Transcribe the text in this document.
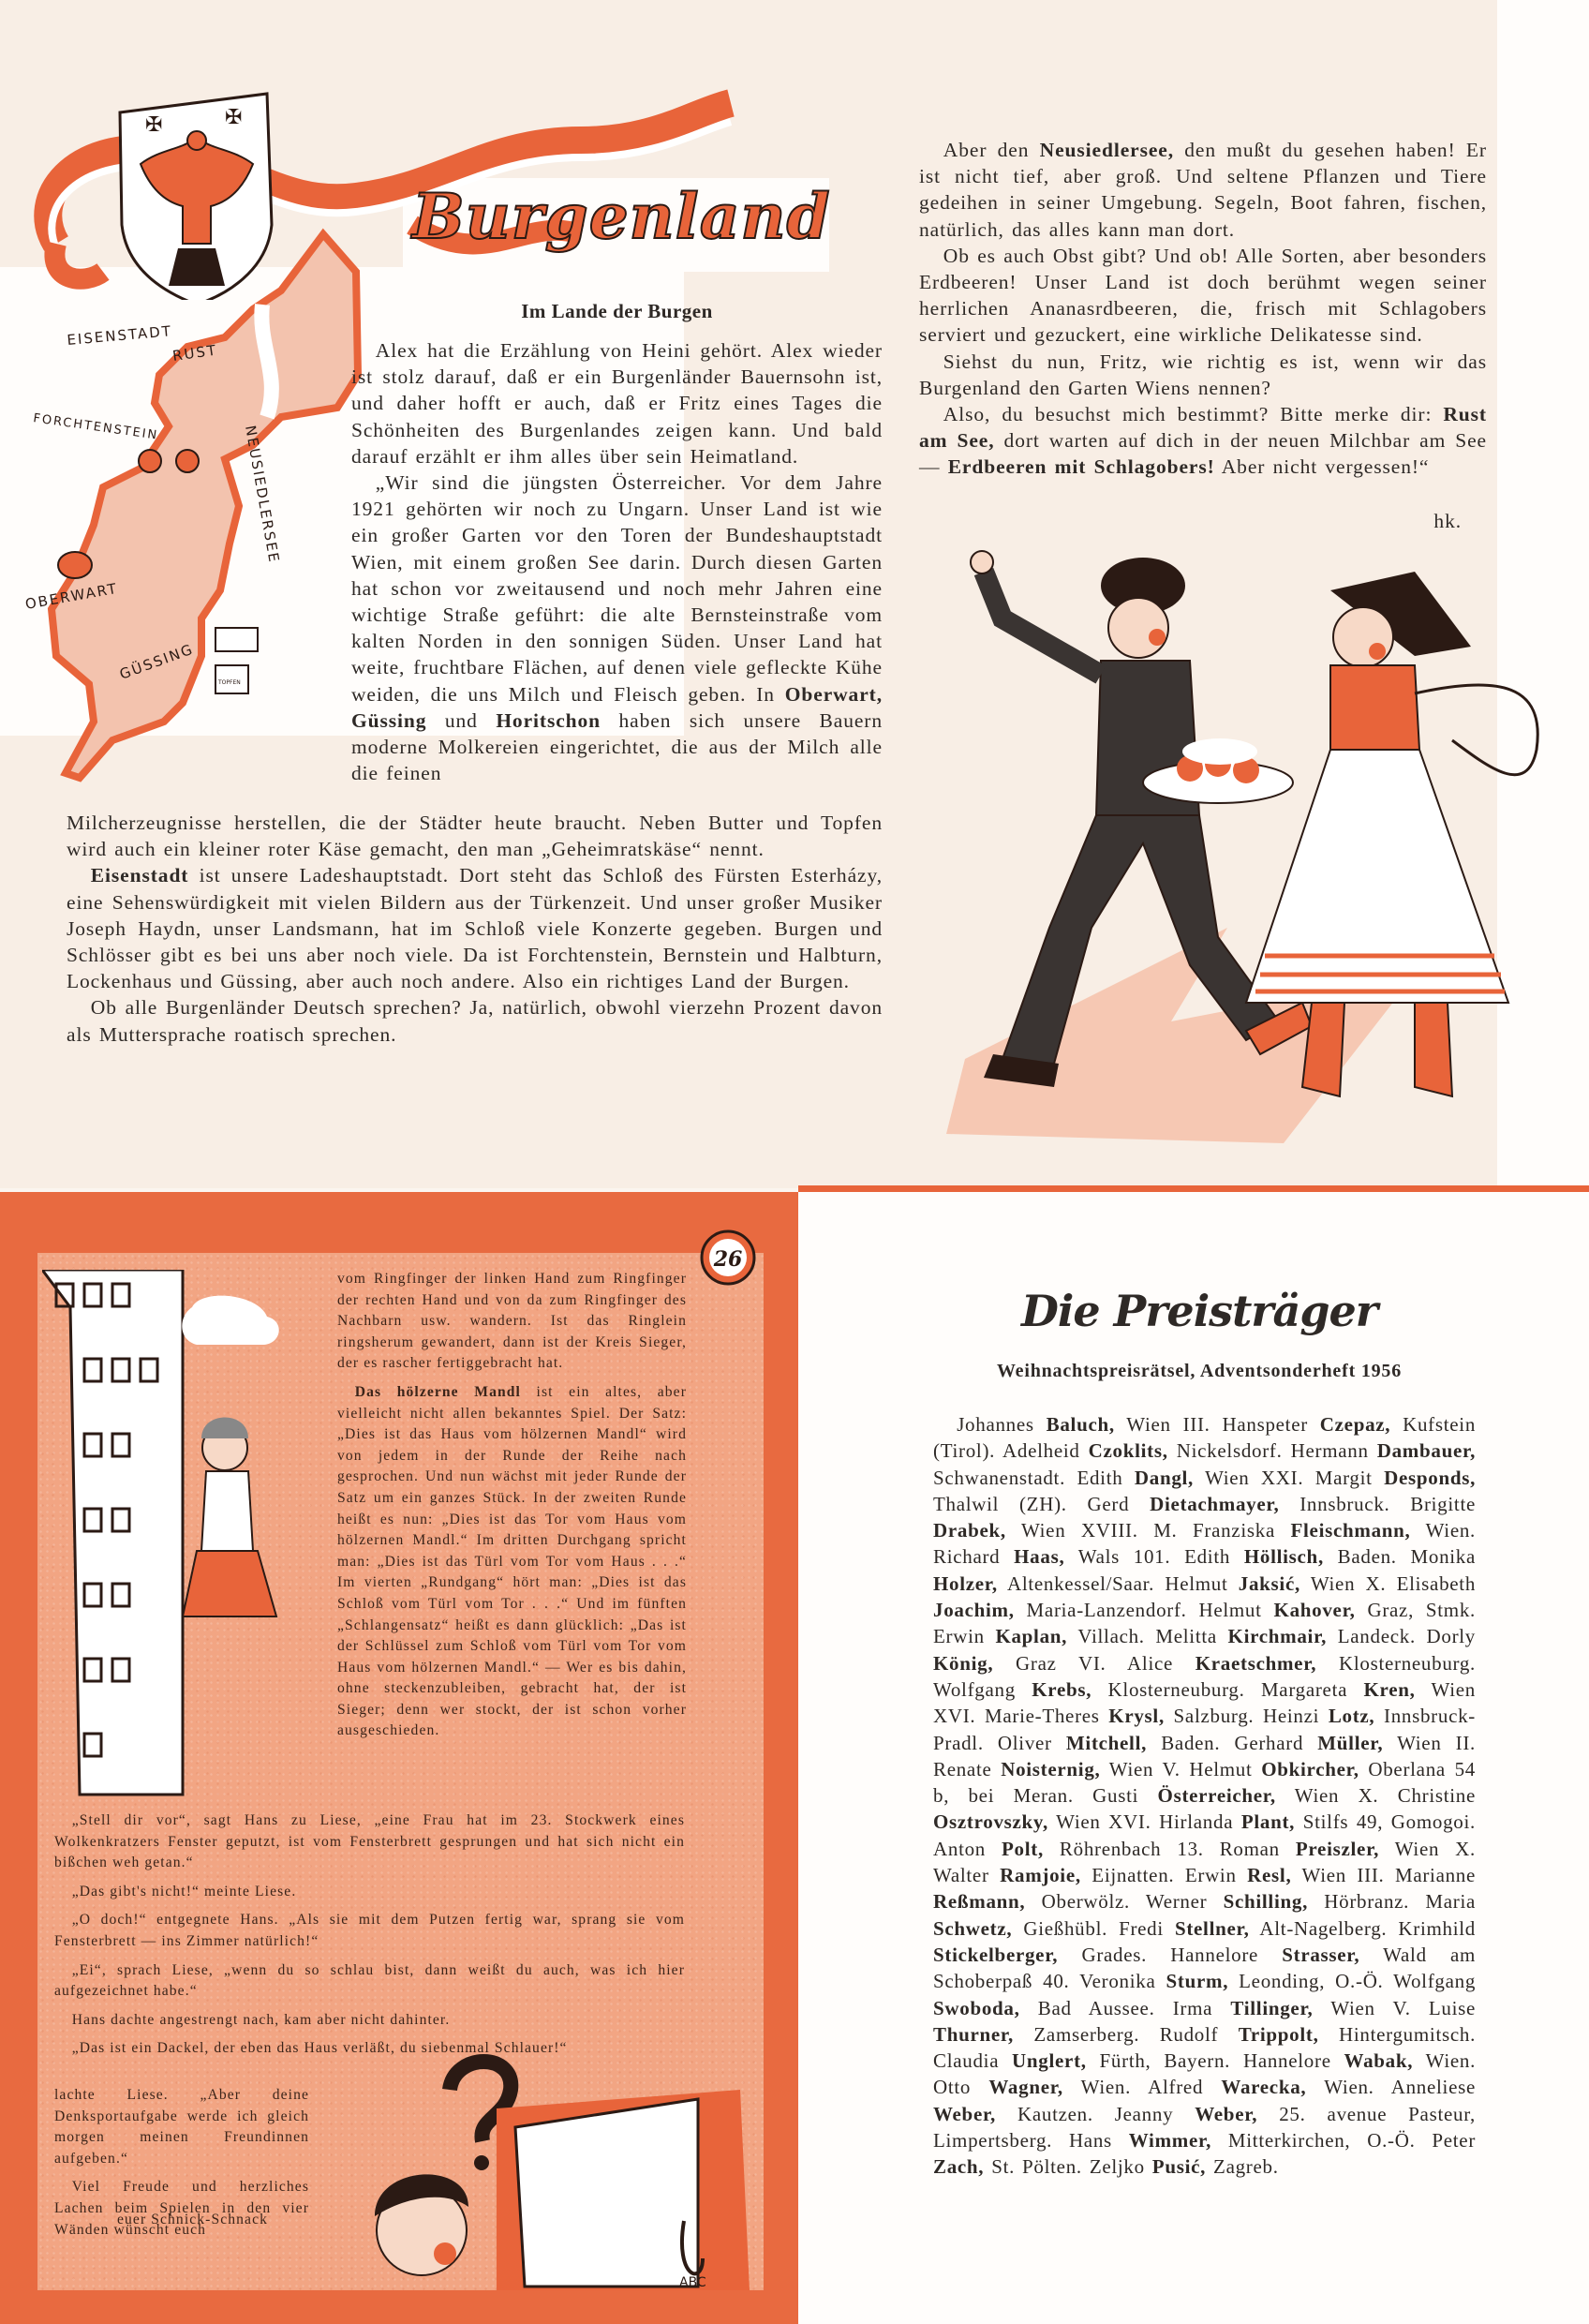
✠	✠
Burgenland
TOPFEN
EISENSTADT
RUST
FORCHTENSTEIN	NEUSIEDLERSEE
OBERWART
GÜSSING
Im Lande der Burgen

Alex hat die Erzählung von Heini gehört. Alex wieder ist stolz darauf, daß er ein Burgenländer Bauernsohn ist, und daher hofft er auch, daß er Fritz eines Tages die Schönheiten des Burgenlandes zeigen kann. Und bald darauf erzählt er ihm alles über sein Heimatland.

„Wir sind die jüngsten Österreicher. Vor dem Jahre 1921 gehörten wir noch zu Ungarn. Unser Land ist wie ein großer Garten vor den Toren der Bundeshauptstadt Wien, mit einem großen See darin. Durch diesen Garten hat schon vor zweitausend und noch mehr Jahren eine wichtige Straße geführt: die alte Bernsteinstraße vom kalten Norden in den sonnigen Süden. Unser Land hat weite, fruchtbare Flächen, auf denen viele gefleckte Kühe weiden, die uns Milch und Fleisch geben. In Oberwart, Güssing und Horitschon haben sich unsere Bauern moderne Molkereien eingerichtet, die aus der Milch alle die feinen

Milcherzeugnisse herstellen, die der Städter heute braucht. Neben Butter und Topfen wird auch ein kleiner roter Käse gemacht, den man „Geheimratskäse“ nennt.

Eisenstadt ist unsere Ladeshauptstadt. Dort steht das Schloß des Fürsten Esterházy, eine Sehenswürdigkeit mit vielen Bildern aus der Türkenzeit. Und unser großer Musiker Joseph Haydn, unser Landsmann, hat im Schloß viele Konzerte gegeben. Burgen und Schlösser gibt es bei uns aber noch viele. Da ist Forchtenstein, Bernstein und Halbturn, Lockenhaus und Güssing, aber auch noch andere. Also ein richtiges Land der Burgen.

Ob alle Burgenländer Deutsch sprechen? Ja, natürlich, obwohl vierzehn Prozent davon als Muttersprache roatisch sprechen.

Aber den Neusiedlersee, den mußt du gesehen haben! Er ist nicht tief, aber groß. Und seltene Pflanzen und Tiere gedeihen in seiner Umgebung. Segeln, Boot fahren, fischen, natürlich, das alles kann man dort.

Ob es auch Obst gibt? Und ob! Alle Sorten, aber besonders Erdbeeren! Unser Land ist doch berühmt wegen seiner herrlichen Ananasrdbeeren, die, frisch mit Schlagobers serviert und gezuckert, eine wirkliche Delikatesse sind.

Siehst du nun, Fritz, wie richtig es ist, wenn wir das Burgenland den Garten Wiens nennen?

Also, du besuchst mich bestimmt? Bitte merke dir: Rust am See, dort warten auf dich in der neuen Milchbar am See — Erdbeeren mit Schlagobers! Aber nicht vergessen!“

hk.
26

vom Ringfinger der linken Hand zum Ringfinger der rechten Hand und von da zum Ringfinger des Nachbarn usw. wandern. Ist das Ringlein ringsherum gewandert, dann ist der Kreis Sieger, der es rascher fertiggebracht hat.

Das hölzerne Mandl ist ein altes, aber vielleicht nicht allen bekanntes Spiel. Der Satz: „Dies ist das Haus vom hölzernen Mandl“ wird von jedem in der Runde der Reihe nach gesprochen. Und nun wächst mit jeder Runde der Satz um ein ganzes Stück. In der zweiten Runde heißt es nun: „Dies ist das Tor vom Haus vom hölzernen Mandl.“ Im dritten Durchgang spricht man: „Dies ist das Türl vom Tor vom Haus . . .“ Im vierten „Rundgang“ hört man: „Dies ist das Schloß vom Türl vom Tor . . .“ Und im fünften „Schlangensatz“ heißt es dann glücklich: „Das ist der Schlüssel zum Schloß vom Türl vom Tor vom Haus vom hölzernen Mandl.“ — Wer es bis dahin, ohne steckenzubleiben, gebracht hat, der ist Sieger; denn wer stockt, der ist schon vorher ausgeschieden.

„Stell dir vor“, sagt Hans zu Liese, „eine Frau hat im 23. Stockwerk eines Wolkenkratzers Fenster geputzt, ist vom Fensterbrett gesprungen und hat sich nicht ein bißchen weh getan.“

„Das gibt's nicht!“ meinte Liese.

„O doch!“ entgegnete Hans. „Als sie mit dem Putzen fertig war, sprang sie vom Fensterbrett — ins Zimmer natürlich!“

„Ei“, sprach Liese, „wenn du so schlau bist, dann weißt du auch, was ich hier aufgezeichnet habe.“

Hans dachte angestrengt nach, kam aber nicht dahinter.

„Das ist ein Dackel, der eben das Haus verläßt, du siebenmal Schlauer!“

lachte Liese. „Aber deine Denksportaufgabe werde ich gleich morgen meinen Freundinnen aufgeben.“

Viel Freude und herzliches Lachen beim Spielen in den vier Wänden wünscht euch

euer Schnick-Schnack
ABC
Die Preisträger
Weihnachtspreisrätsel, Adventsonderheft 1956

Johannes Baluch, Wien III. Hanspeter Czepaz, Kufstein (Tirol). Adelheid Czoklits, Nickelsdorf. Hermann Dambauer, Schwanenstadt. Edith Dangl, Wien XXI. Margit Desponds, Thalwil (ZH). Gerd Dietachmayer, Innsbruck. Brigitte Drabek, Wien XVIII. M. Franziska Fleischmann, Wien. Richard Haas, Wals 101. Edith Höllisch, Baden. Monika Holzer, Altenkessel/Saar. Helmut Jaksić, Wien X. Elisabeth Joachim, Maria-Lanzendorf. Helmut Kahover, Graz, Stmk. Erwin Kaplan, Villach. Melitta Kirchmair, Landeck. Dorly König, Graz VI. Alice Kraetschmer, Klosterneuburg. Wolfgang Krebs, Klosterneuburg. Margareta Kren, Wien XVI. Marie-Theres Krysl, Salzburg. Heinzi Lotz, Innsbruck-Pradl. Oliver Mitchell, Baden. Gerhard Müller, Wien II. Renate Noisternig, Wien V. Helmut Obkircher, Oberlana 54 b, bei Meran. Gusti Österreicher, Wien X. Christine Osztrovszky, Wien XVI. Hirlanda Plant, Stilfs 49, Gomogoi. Anton Polt, Röhrenbach 13. Roman Preiszler, Wien X. Walter Ramjoie, Eijnatten. Erwin Resl, Wien III. Marianne Reßmann, Oberwölz. Werner Schilling, Hörbranz. Maria Schwetz, Gießhübl. Fredi Stellner, Alt-Nagelberg. Krimhild Stickelberger, Grades. Hannelore Strasser, Wald am Schoberpaß 40. Veronika Sturm, Leonding, O.-Ö. Wolfgang Swoboda, Bad Aussee. Irma Tillinger, Wien V. Luise Thurner, Zamserberg. Rudolf Trippolt, Hintergumitsch. Claudia Unglert, Fürth, Bayern. Hannelore Wabak, Wien. Otto Wagner, Wien. Alfred Warecka, Wien. Anneliese Weber, Kautzen. Jeanny Weber, 25. avenue Pasteur, Limpertsberg. Hans Wimmer, Mitterkirchen, O.-Ö. Peter Zach, St. Pölten. Zeljko Pusić, Zagreb.
